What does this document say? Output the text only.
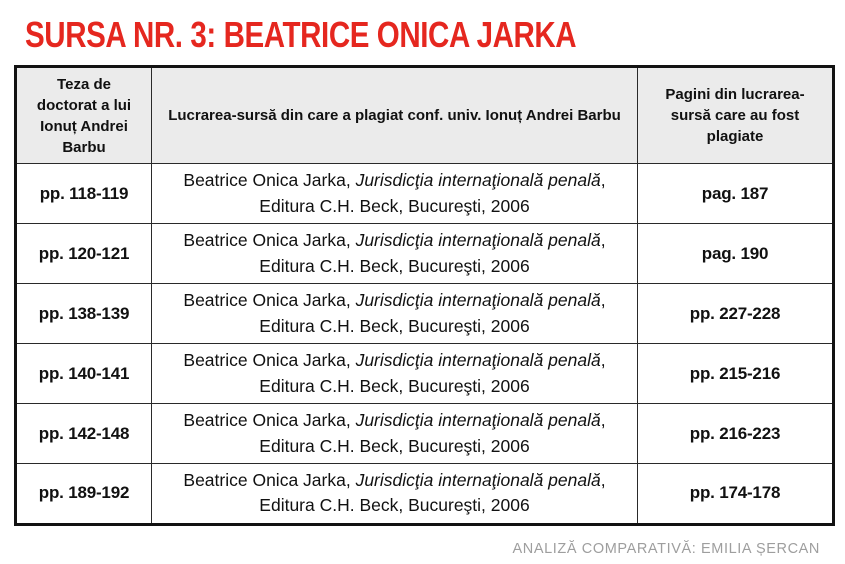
SURSA NR. 3: BEATRICE ONICA JARKA
Teza de doctorat a lui Ionuț Andrei Barbu	Lucrarea-sursă din care a plagiat conf. univ. Ionuț Andrei Barbu	Pagini din lucrarea-sursă care au fost plagiate
pp. 118-119	Beatrice Onica Jarka, Jurisdicţia internaţională penală, Editura C.H. Beck, Bucureşti, 2006	pag. 187
pp. 120-121	Beatrice Onica Jarka, Jurisdicţia internaţională penală, Editura C.H. Beck, Bucureşti, 2006	pag. 190
pp. 138-139	Beatrice Onica Jarka, Jurisdicţia internaţională penală, Editura C.H. Beck, Bucureşti, 2006	pp. 227-228
pp. 140-141	Beatrice Onica Jarka, Jurisdicţia internaţională penală, Editura C.H. Beck, Bucureşti, 2006	pp. 215-216
pp. 142-148	Beatrice Onica Jarka, Jurisdicţia internaţională penală, Editura C.H. Beck, Bucureşti, 2006	pp. 216-223
pp. 189-192	Beatrice Onica Jarka, Jurisdicţia internaţională penală, Editura C.H. Beck, Bucureşti, 2006	pp. 174-178
ANALIZĂ COMPARATIVĂ: EMILIA ȘERCAN
